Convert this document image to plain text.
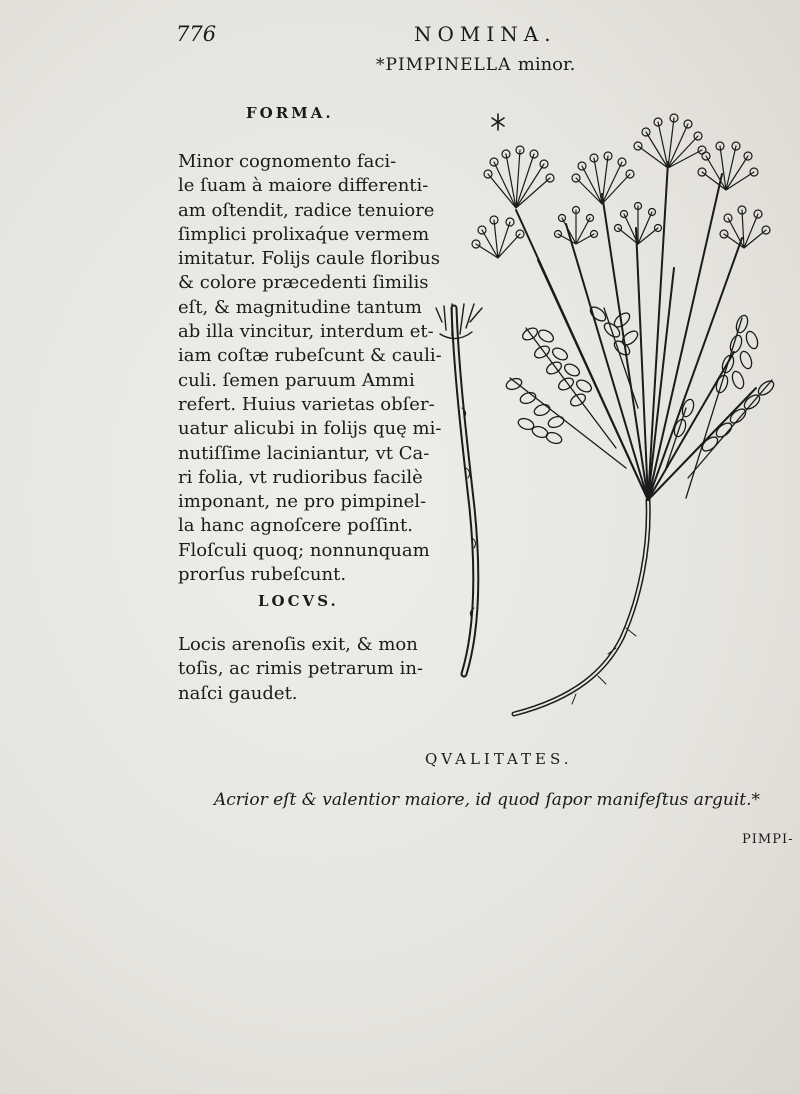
776	NOMINA.
*PIMPINELLA minor.
FORMA.
Minor cognomento faci-
le ſuam à maiore differenti-
am oſtendit, radice tenuiore
ſimplici prolixaq́ue vermem
imitatur. Folijs caule floribus
& colore præcedenti ſimilis
eſt, & magnitudine tantum
ab illa vincitur, interdum et-
iam coſtæ rubeſcunt & cauli-
culi. ſemen paruum Ammi
refert. Huius varietas obſer-
uatur alicubi in folijs quę mi-
nutiſſime laciniantur, vt Ca-
ri folia, vt rudioribus facilè
imponant, ne pro pimpinel-
la hanc agnoſcere poſſint.
Floſculi quoq; nonnunquam
prorſus rubeſcunt.
LOCVS.
Locis arenoſis exit, & mon
toſis, ac rimis petrarum in-
naſci gaudet.
QVALITATES.
Acrior eſt & valentior maiore, id quod ſapor manifeſtus arguit.*
PIMPI-
